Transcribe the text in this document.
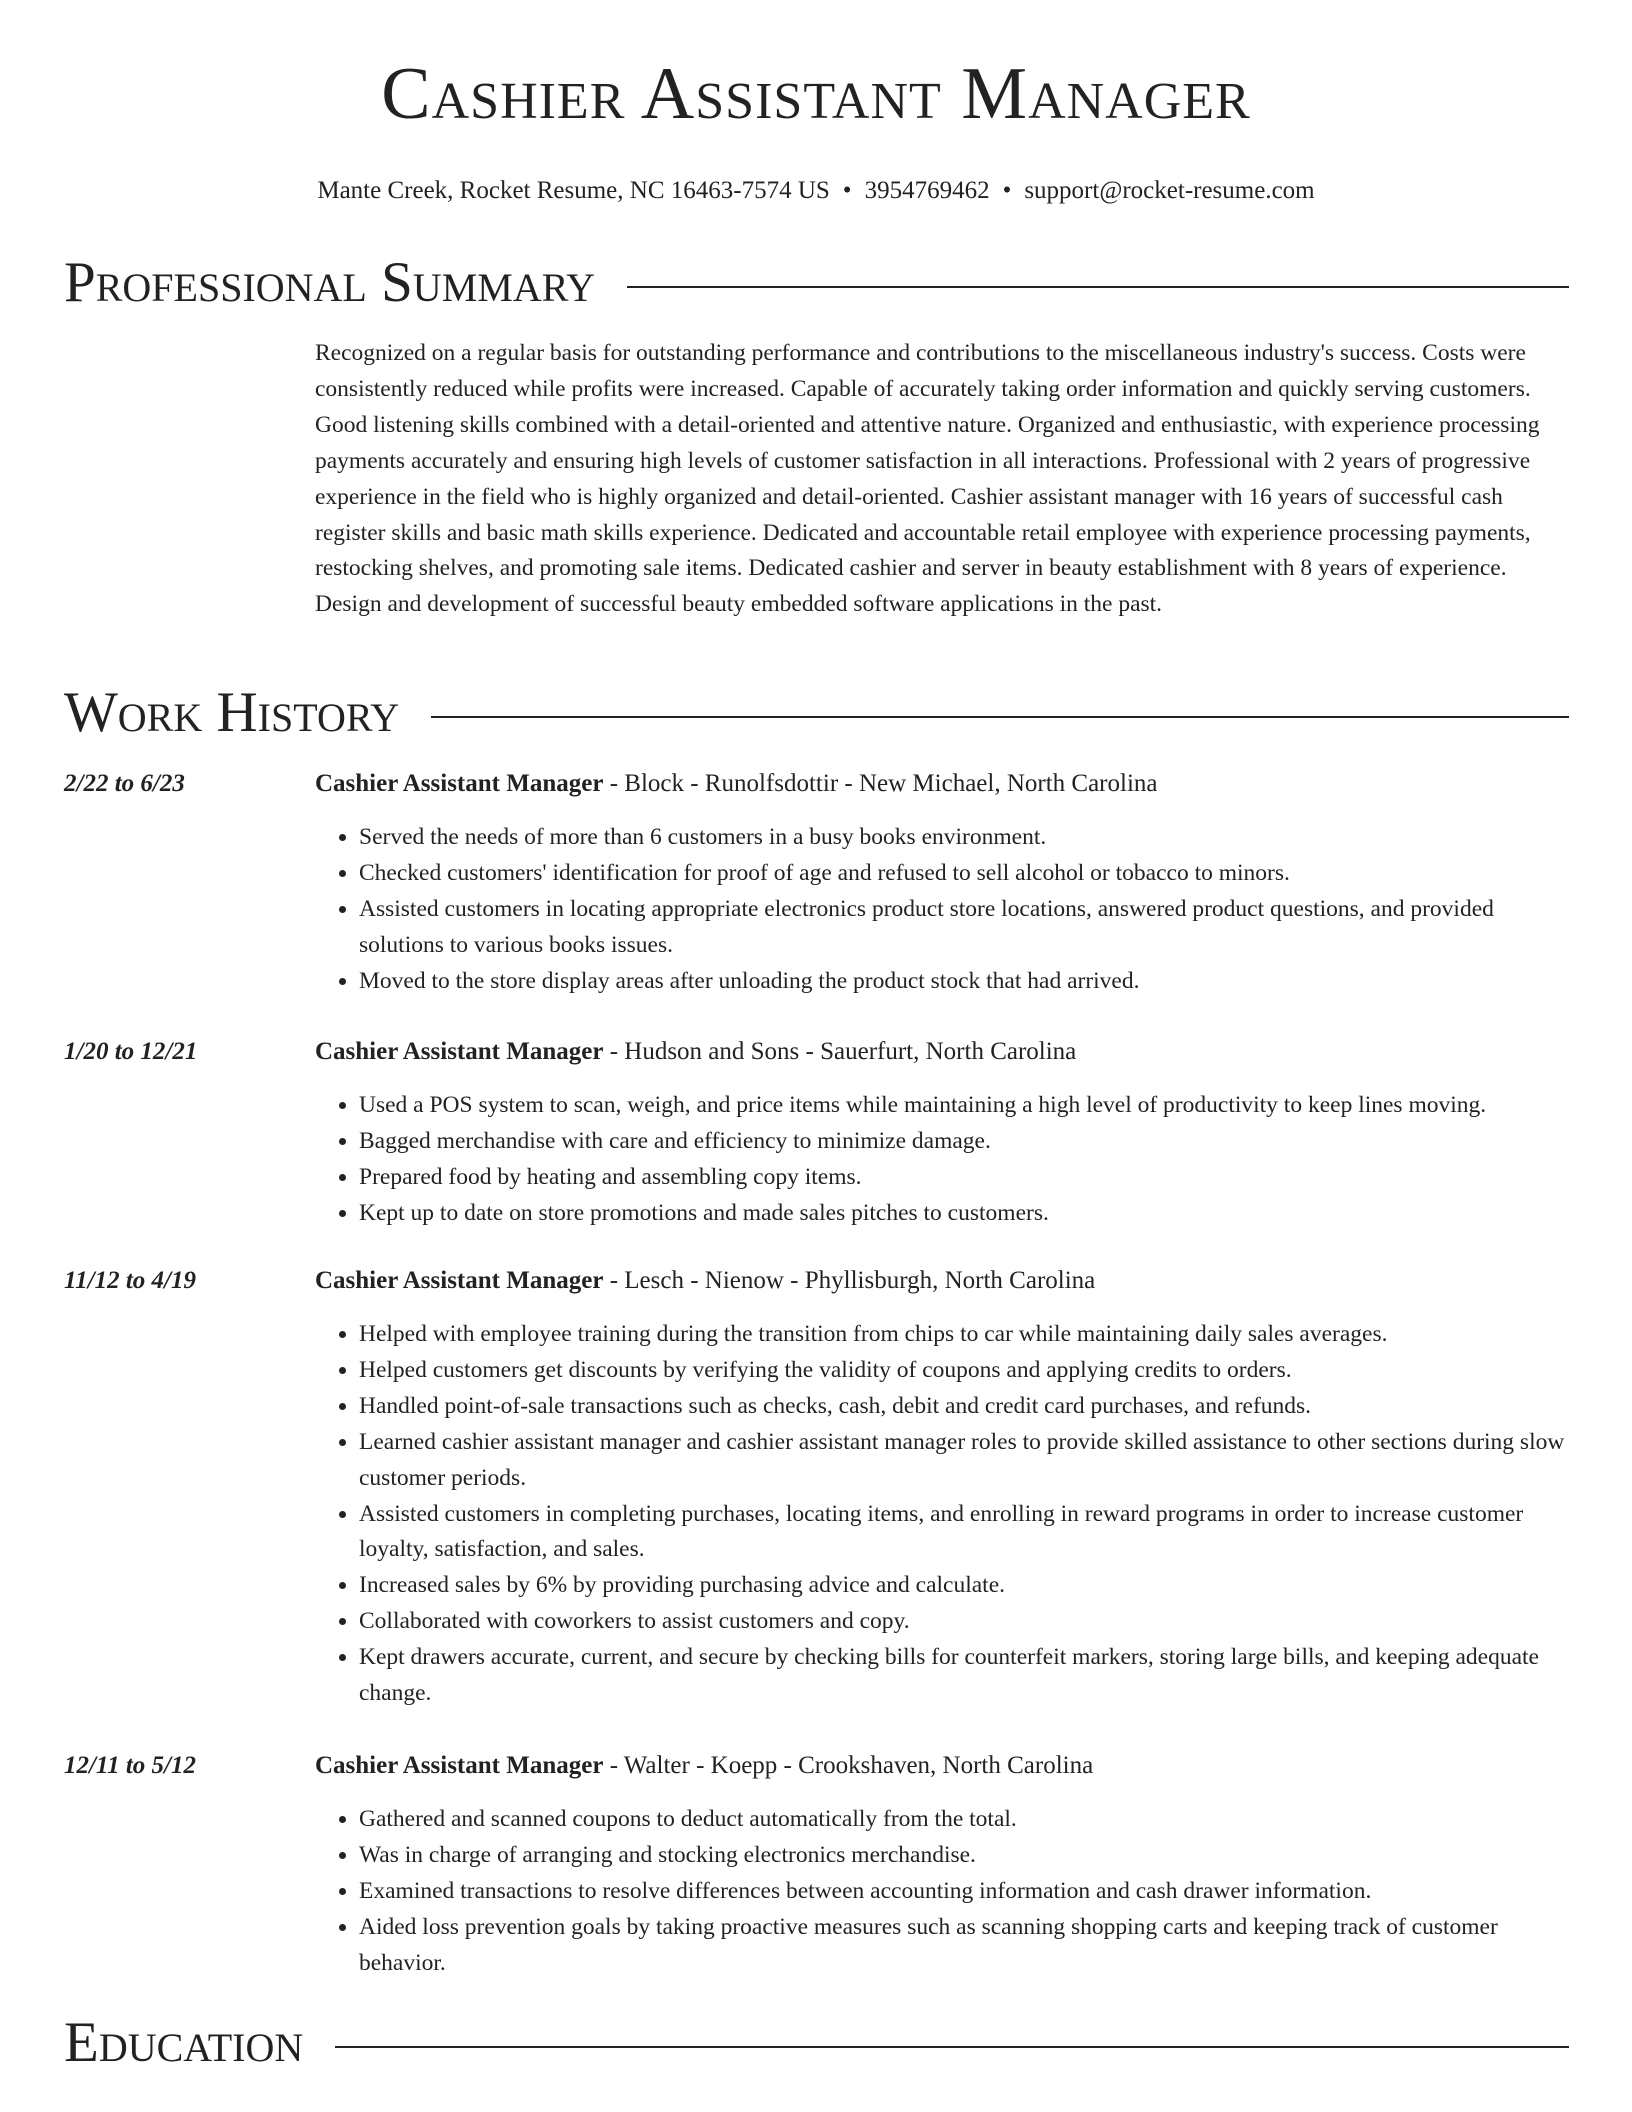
Cashier Assistant Manager
Mante Creek, Rocket Resume, NC 16463-7574 US • 3954769462 • support@rocket-resume.com
Professional Summary

Recognized on a regular basis for outstanding performance and contributions to the miscellaneous industry's success. Costs were consistently reduced while profits were increased. Capable of accurately taking order information and quickly serving customers. Good listening skills combined with a detail-oriented and attentive nature. Organized and enthusiastic, with experience processing payments accurately and ensuring high levels of customer satisfaction in all interactions. Professional with 2 years of progressive experience in the field who is highly organized and detail-oriented. Cashier assistant manager with 16 years of successful cash register skills and basic math skills experience. Dedicated and accountable retail employee with experience processing payments, restocking shelves, and promoting sale items. Dedicated cashier and server in beauty establishment with 8 years of experience. Design and development of successful beauty embedded software applications in the past.

Work History
2/22 to 6/23	Cashier Assistant Manager - Block - Runolfsdottir - New Michael, North Carolina
• Served the needs of more than 6 customers in a busy books environment.
• Checked customers' identification for proof of age and refused to sell alcohol or tobacco to minors.
• Assisted customers in locating appropriate electronics product store locations, answered product questions, and provided solutions to various books issues.
• Moved to the store display areas after unloading the product stock that had arrived.
1/20 to 12/21	Cashier Assistant Manager - Hudson and Sons - Sauerfurt, North Carolina
• Used a POS system to scan, weigh, and price items while maintaining a high level of productivity to keep lines moving.
• Bagged merchandise with care and efficiency to minimize damage.
• Prepared food by heating and assembling copy items.
• Kept up to date on store promotions and made sales pitches to customers.
11/12 to 4/19	Cashier Assistant Manager - Lesch - Nienow - Phyllisburgh, North Carolina
• Helped with employee training during the transition from chips to car while maintaining daily sales averages.
• Helped customers get discounts by verifying the validity of coupons and applying credits to orders.
• Handled point-of-sale transactions such as checks, cash, debit and credit card purchases, and refunds.
• Learned cashier assistant manager and cashier assistant manager roles to provide skilled assistance to other sections during slow customer periods.
• Assisted customers in completing purchases, locating items, and enrolling in reward programs in order to increase customer loyalty, satisfaction, and sales.
• Increased sales by 6% by providing purchasing advice and calculate.
• Collaborated with coworkers to assist customers and copy.
• Kept drawers accurate, current, and secure by checking bills for counterfeit markers, storing large bills, and keeping adequate change.
12/11 to 5/12	Cashier Assistant Manager - Walter - Koepp - Crookshaven, North Carolina
• Gathered and scanned coupons to deduct automatically from the total.
• Was in charge of arranging and stocking electronics merchandise.
• Examined transactions to resolve differences between accounting information and cash drawer information.
• Aided loss prevention goals by taking proactive measures such as scanning shopping carts and keeping track of customer behavior.
Education
